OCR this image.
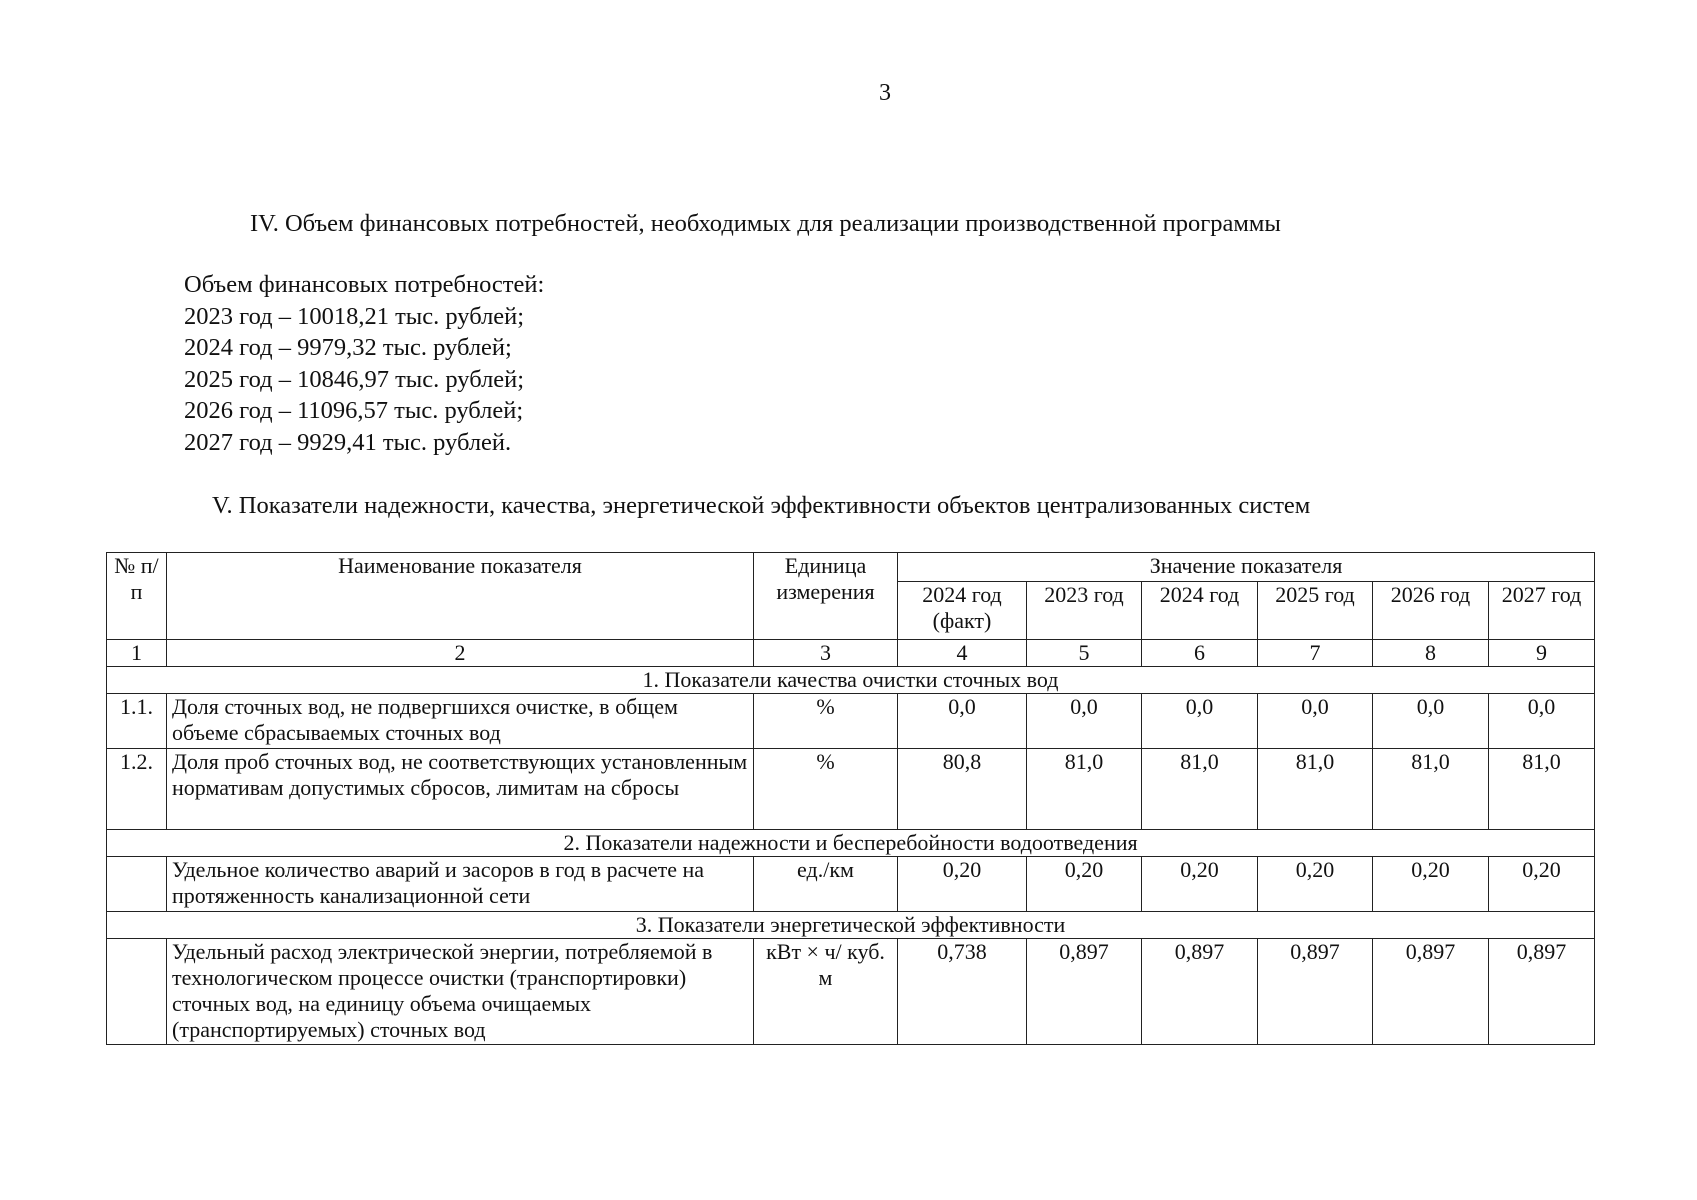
3
IV. Объем финансовых потребностей, необходимых для реализации производственной программы
Объем финансовых потребностей:
2023 год – 10018,21 тыс. рублей;
2024 год – 9979,32 тыс. рублей;
2025 год – 10846,97 тыс. рублей;
2026 год – 11096,57 тыс. рублей;
2027 год – 9929,41 тыс. рублей.
V. Показатели надежности, качества, энергетической эффективности объектов централизованных систем
№ п/п	Наименование показателя	Единица измерения	Значение показателя					
			2024 год (факт)	2023 год	2024 год	2025 год	2026 год	2027 год
1	2	3	4	5	6	7	8	9
1. Показатели качества очистки сточных вод								
1.1.	Доля сточных вод, не подвергшихся очистке, в общем объеме сбрасываемых сточных вод	%	0,0	0,0	0,0	0,0	0,0	0,0
1.2.	Доля проб сточных вод, не соответствующих установленным нормативам допустимых сбросов, лимитам на сбросы	%	80,8	81,0	81,0	81,0	81,0	81,0
2. Показатели надежности и бесперебойности водоотведения								
	Удельное количество аварий и засоров в год в расчете на протяженность канализационной сети	ед./км	0,20	0,20	0,20	0,20	0,20	0,20
3. Показатели энергетической эффективности								
	Удельный расход электрической энергии, потребляемой в технологическом процессе очистки (транспортировки) сточных вод, на единицу объема очищаемых (транспортируемых) сточных вод	кВт × ч/ куб. м	0,738	0,897	0,897	0,897	0,897	0,897
